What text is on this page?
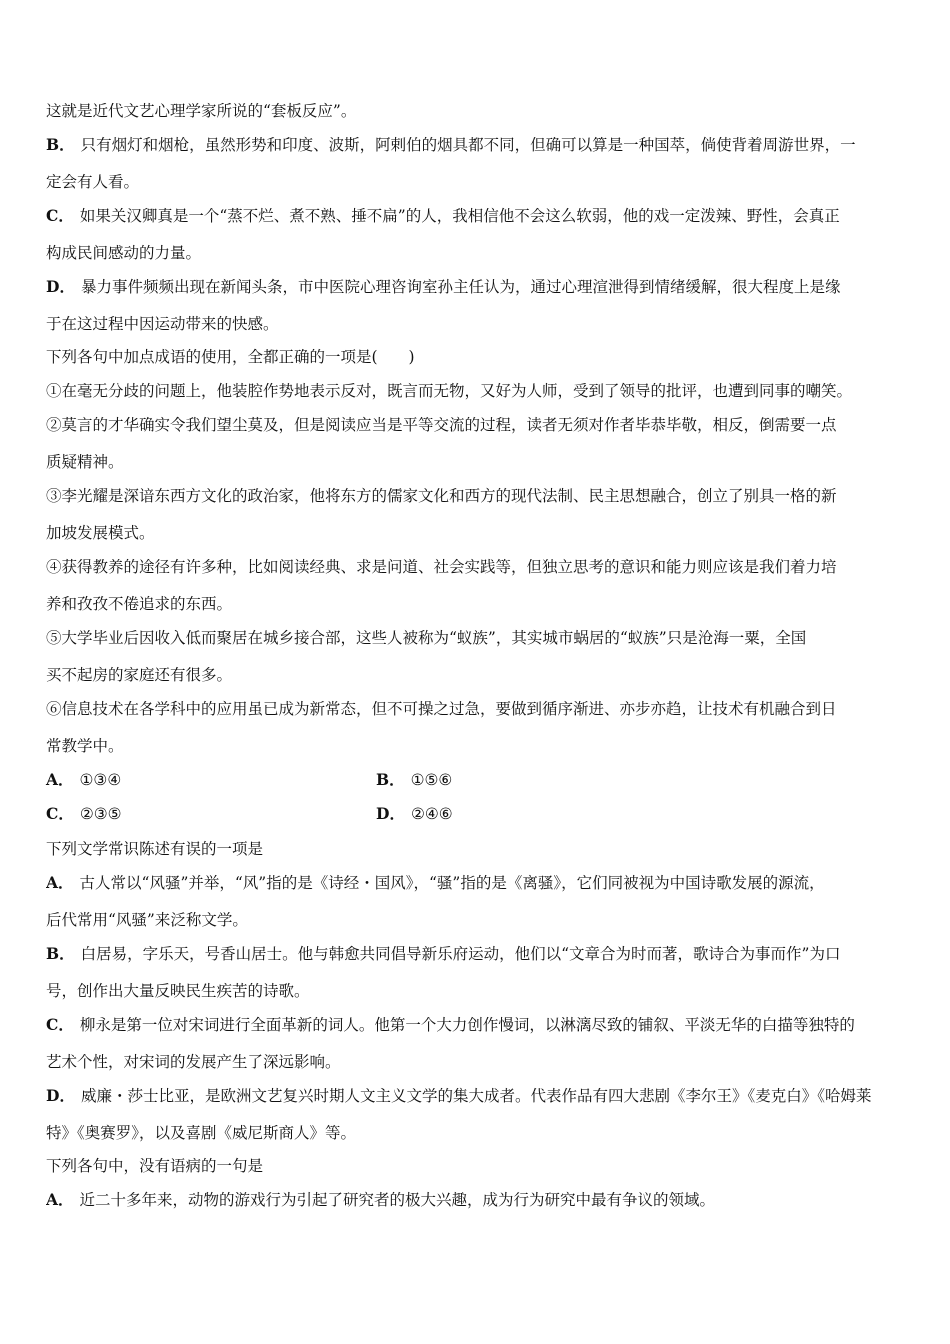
这就是近代文艺心理学家所说的“套板反应”。
B． 只有烟灯和烟枪，虽然形势和印度、波斯，阿剌伯的烟具都不同，但确可以算是一种国萃，倘使背着周游世界，一
定会有人看。
C． 如果关汉卿真是一个“蒸不烂、煮不熟、捶不扁”的人，我相信他不会这么软弱，他的戏一定泼辣、野性，会真正
构成民间感动的力量。
D． 暴力事件频频出现在新闻头条，市中医院心理咨询室孙主任认为，通过心理渲泄得到情绪缓解，很大程度上是缘
于在这过程中因运动带来的快感。
下列各句中加点成语的使用，全都正确的一项是(　　)
①在毫无分歧的问题上，他装腔作势地表示反对，既言而无物，又好为人师，受到了领导的批评，也遭到同事的嘲笑。
②莫言的才华确实令我们望尘莫及，但是阅读应当是平等交流的过程，读者无须对作者毕恭毕敬，相反，倒需要一点
质疑精神。
③李光耀是深谙东西方文化的政治家，他将东方的儒家文化和西方的现代法制、民主思想融合，创立了别具一格的新
加坡发展模式。
④获得教养的途径有许多种，比如阅读经典、求是问道、社会实践等，但独立思考的意识和能力则应该是我们着力培
养和孜孜不倦追求的东西。
⑤大学毕业后因收入低而聚居在城乡接合部，这些人被称为“蚁族”，其实城市蜗居的“蚁族”只是沧海一粟，全国
买不起房的家庭还有很多。
⑥信息技术在各学科中的应用虽已成为新常态，但不可操之过急，要做到循序渐进、亦步亦趋，让技术有机融合到日
常教学中。
A． ①③④	B． ①⑤⑥
C． ②③⑤	D． ②④⑥
下列文学常识陈述有误的一项是
A． 古人常以“风骚”并举，“风”指的是《诗经・国风》，“骚”指的是《离骚》，它们同被视为中国诗歌发展的源流，
后代常用“风骚”来泛称文学。
B． 白居易，字乐天，号香山居士。他与韩愈共同倡导新乐府运动，他们以“文章合为时而著，歌诗合为事而作”为口
号，创作出大量反映民生疾苦的诗歌。
C． 柳永是第一位对宋词进行全面革新的词人。他第一个大力创作慢词，以淋漓尽致的铺叙、平淡无华的白描等独特的
艺术个性，对宋词的发展产生了深远影响。
D． 威廉・莎士比亚，是欧洲文艺复兴时期人文主义文学的集大成者。代表作品有四大悲剧《李尔王》《麦克白》《哈姆莱
特》《奥赛罗》，以及喜剧《威尼斯商人》等。
下列各句中，没有语病的一句是
A． 近二十多年来，动物的游戏行为引起了研究者的极大兴趣，成为行为研究中最有争议的领域。
